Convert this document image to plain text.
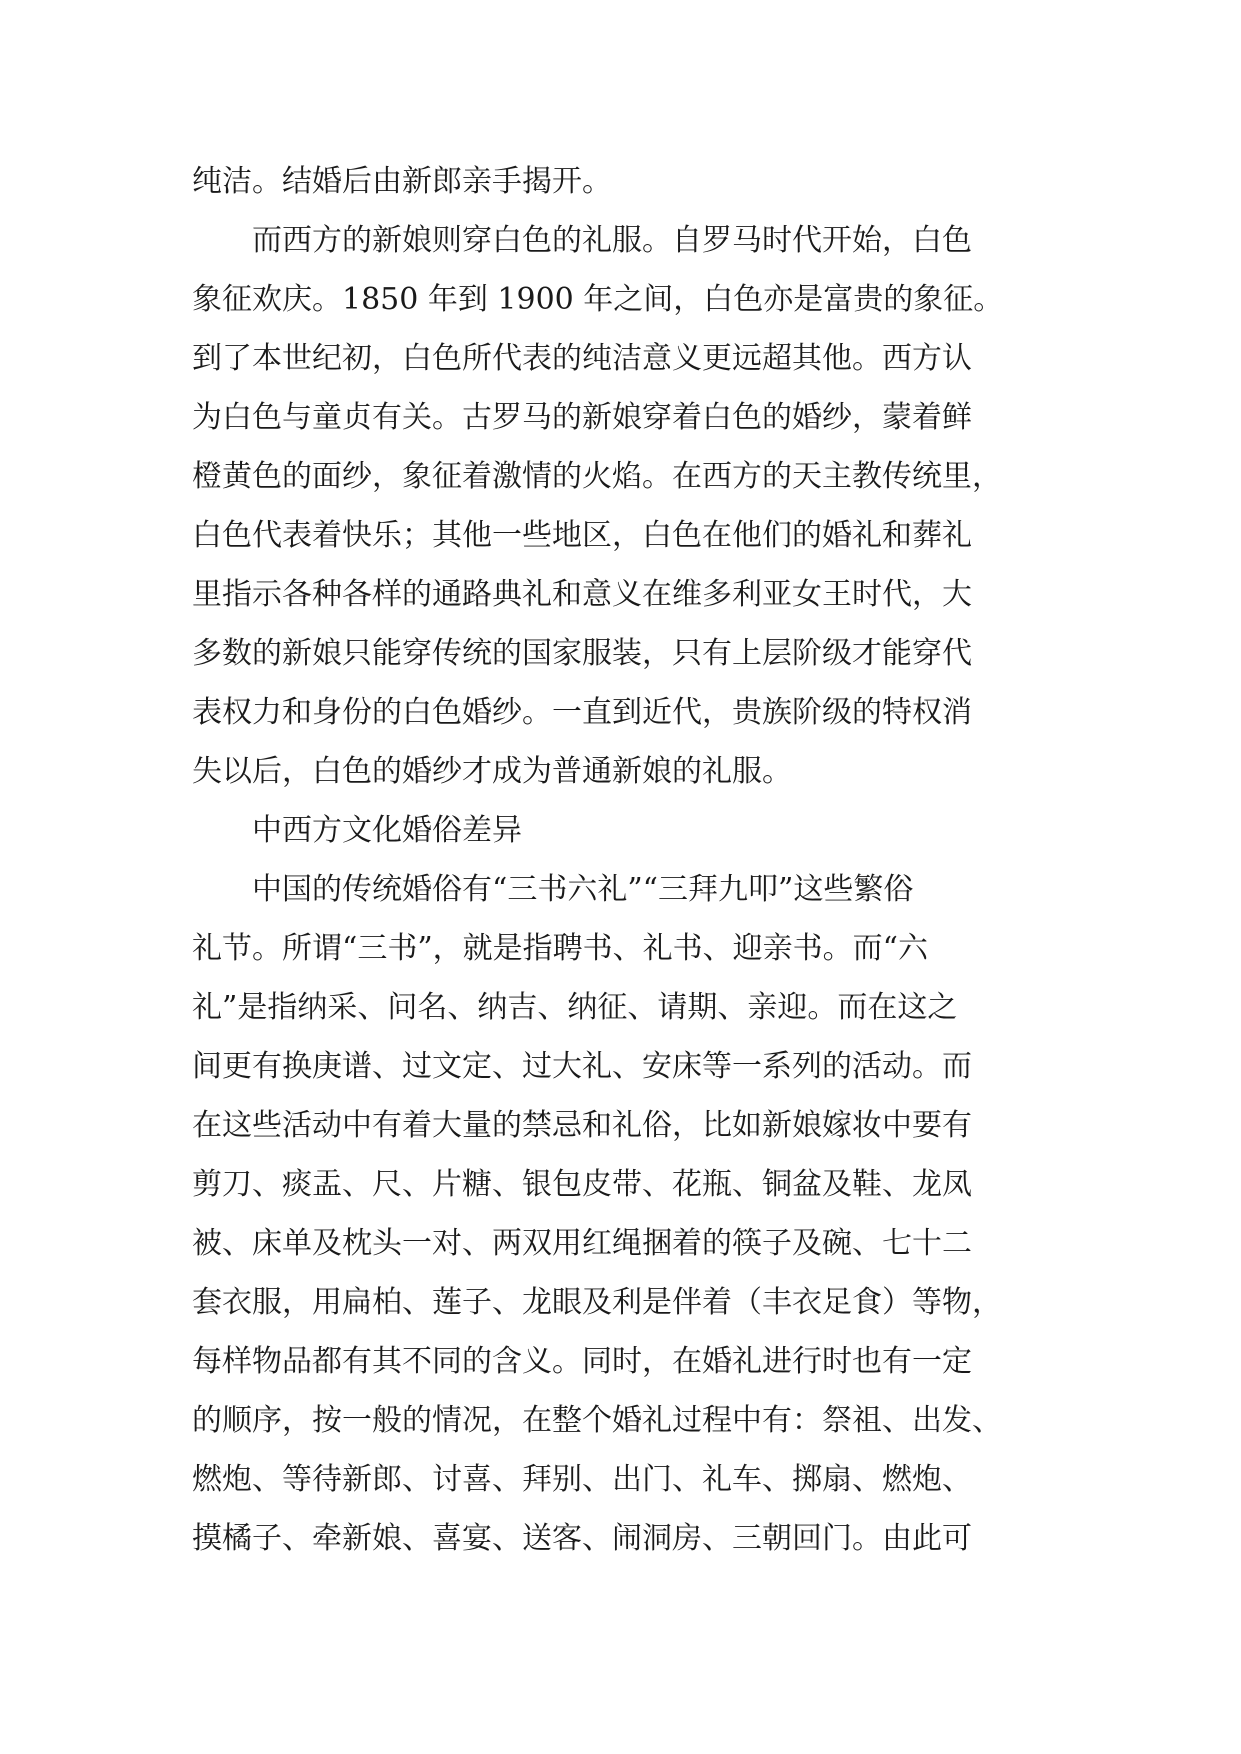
纯洁。结婚后由新郎亲手揭开。
而西方的新娘则穿白色的礼服。自罗马时代开始，白色
象征欢庆。1850 年到 1900 年之间，白色亦是富贵的象征。
到了本世纪初，白色所代表的纯洁意义更远超其他。西方认
为白色与童贞有关。古罗马的新娘穿着白色的婚纱，蒙着鲜
橙黄色的面纱，象征着激情的火焰。在西方的天主教传统里，
白色代表着快乐；其他一些地区，白色在他们的婚礼和葬礼
里指示各种各样的通路典礼和意义在维多利亚女王时代，大
多数的新娘只能穿传统的国家服装，只有上层阶级才能穿代
表权力和身份的白色婚纱。一直到近代，贵族阶级的特权消
失以后，白色的婚纱才成为普通新娘的礼服。
中西方文化婚俗差异
中国的传统婚俗有“三书六礼”“三拜九叩”这些繁俗
礼节。所谓“三书”，就是指聘书、礼书、迎亲书。而“六
礼”是指纳采、问名、纳吉、纳征、请期、亲迎。而在这之
间更有换庚谱、过文定、过大礼、安床等一系列的活动。而
在这些活动中有着大量的禁忌和礼俗，比如新娘嫁妆中要有
剪刀、痰盂、尺、片糖、银包皮带、花瓶、铜盆及鞋、龙凤
被、床单及枕头一对、两双用红绳捆着的筷子及碗、七十二
套衣服，用扁柏、莲子、龙眼及利是伴着（丰衣足食）等物，
每样物品都有其不同的含义。同时，在婚礼进行时也有一定
的顺序，按一般的情况，在整个婚礼过程中有：祭祖、出发、
燃炮、等待新郎、讨喜、拜别、出门、礼车、掷扇、燃炮、
摸橘子、牵新娘、喜宴、送客、闹洞房、三朝回门。由此可
